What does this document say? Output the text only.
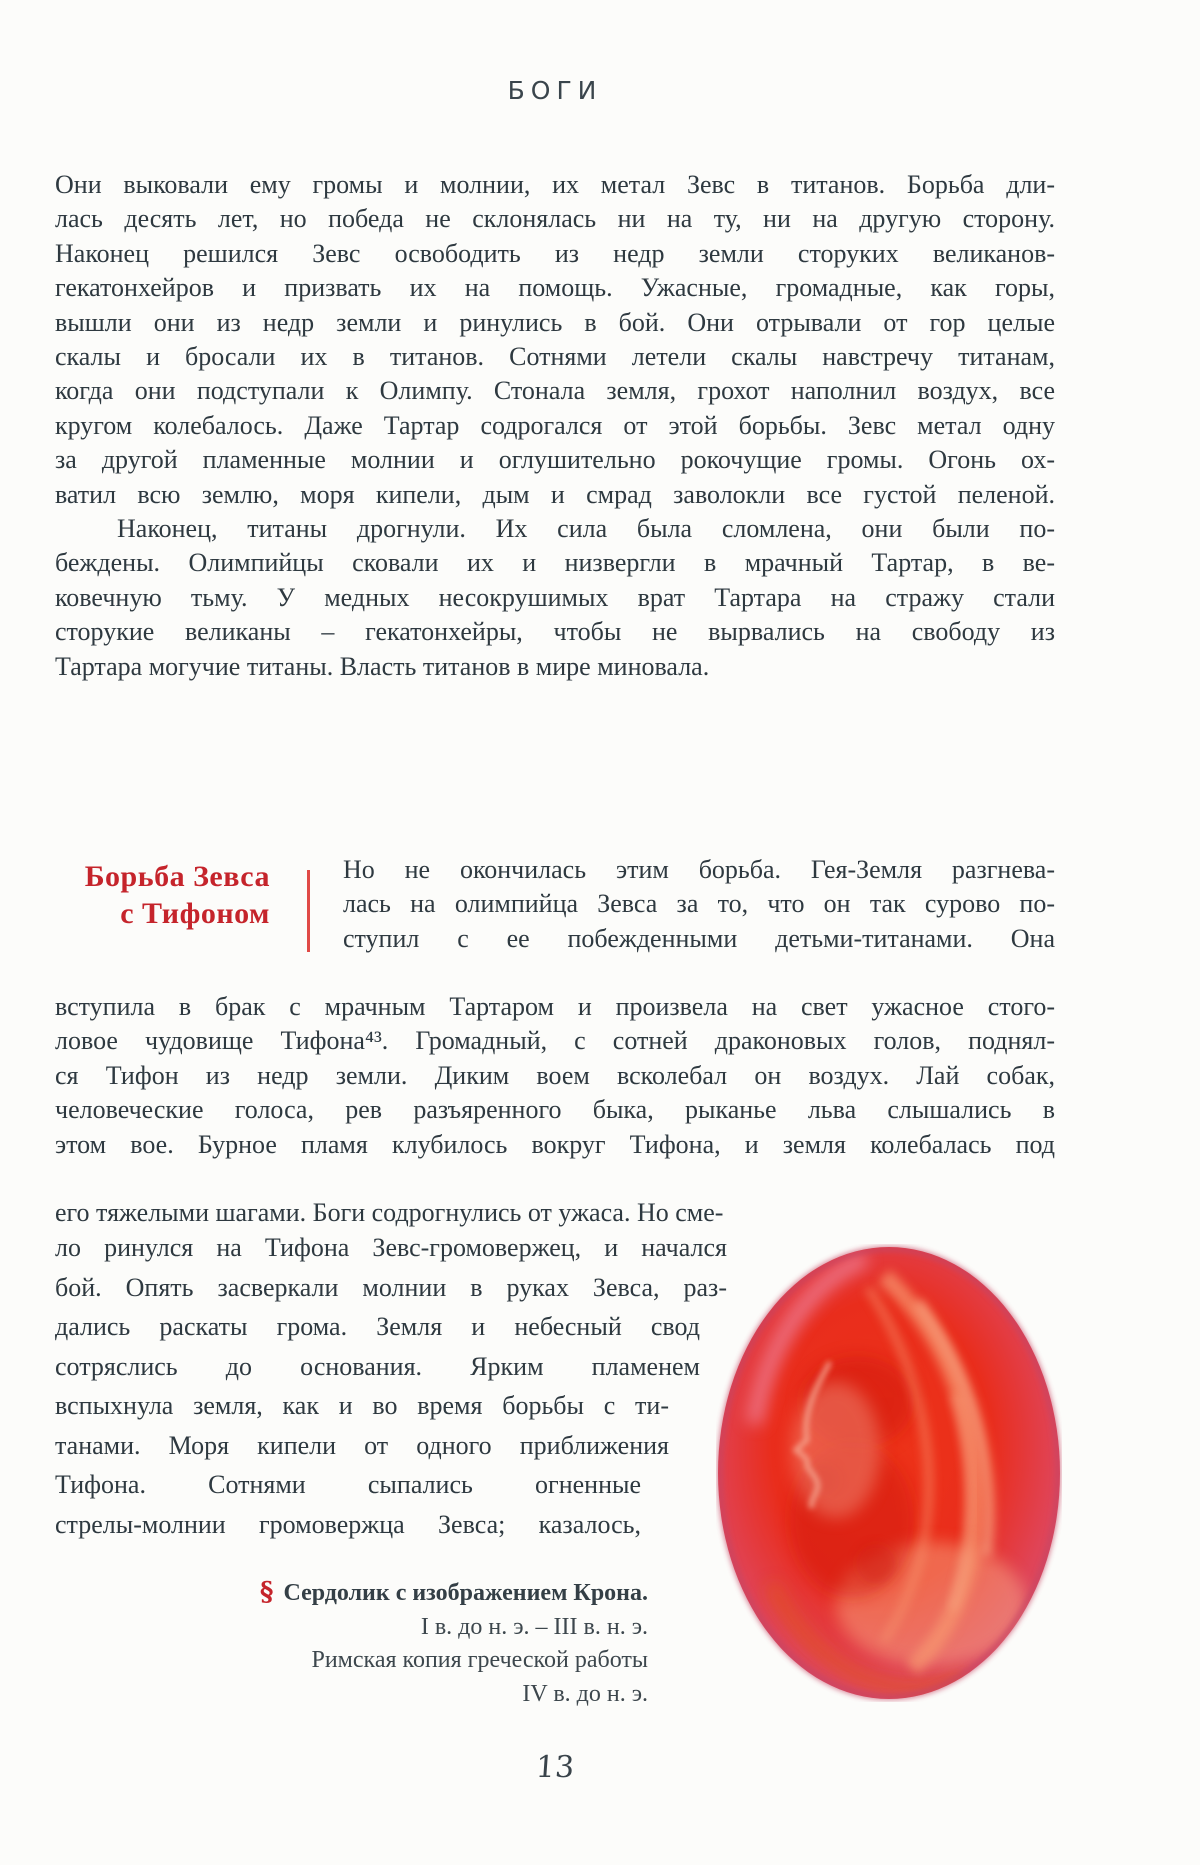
БОГИ
Они выковали ему громы и молнии, их метал Зевс в титанов. Борьба дли-
лась десять лет, но победа не склонялась ни на ту, ни на другую сторону.
Наконец решился Зевс освободить из недр земли сторуких великанов-
гекатонхейров и призвать их на помощь. Ужасные, громадные, как горы,
вышли они из недр земли и ринулись в бой. Они отрывали от гор целые
скалы и бросали их в титанов. Сотнями летели скалы навстречу титанам,
когда они подступали к Олимпу. Стонала земля, грохот наполнил воздух, все
кругом колебалось. Даже Тартар содрогался от этой борьбы. Зевс метал одну
за другой пламенные молнии и оглушительно рокочущие громы. Огонь ох-
ватил всю землю, моря кипели, дым и смрад заволокли все густой пеленой.
Наконец, титаны дрогнули. Их сила была сломлена, они были по-
беждены. Олимпийцы сковали их и низвергли в мрачный Тартар, в ве-
ковечную тьму. У медных несокрушимых врат Тартара на стражу стали
сторукие великаны – гекатонхейры, чтобы не вырвались на свободу из
Тартара могучие титаны. Власть титанов в мире миновала.
Борьба Зевса
с Тифоном
Но не окончилась этим борьба. Гея-Земля разгнева-
лась на олимпийца Зевса за то, что он так сурово по-
ступил с ее побежденными детьми-титанами. Она
вступила в брак с мрачным Тартаром и произвела на свет ужасное стого-
ловое чудовище Тифона⁴³. Громадный, с сотней драконовых голов, поднял-
ся Тифон из недр земли. Диким воем всколебал он воздух. Лай собак,
человеческие голоса, рев разъяренного быка, рыканье льва слышались в
этом вое. Бурное пламя клубилось вокруг Тифона, и земля колебалась под
его тяжелыми шагами. Боги содрогнулись от ужаса. Но сме-
ло ринулся на Тифона Зевс-громовержец, и начался
бой. Опять засверкали молнии в руках Зевса, раз-
дались раскаты грома. Земля и небесный свод
сотряслись до основания. Ярким пламенем
вспыхнула земля, как и во время борьбы с ти-
танами. Моря кипели от одного приближения
Тифона. Сотнями сыпались огненные
стрелы-молнии громовержца Зевса; казалось,
§ Сердолик с изображением Крона.
I в. до н. э. – III в. н. э.
Римская копия греческой работы
IV в. до н. э.
13
